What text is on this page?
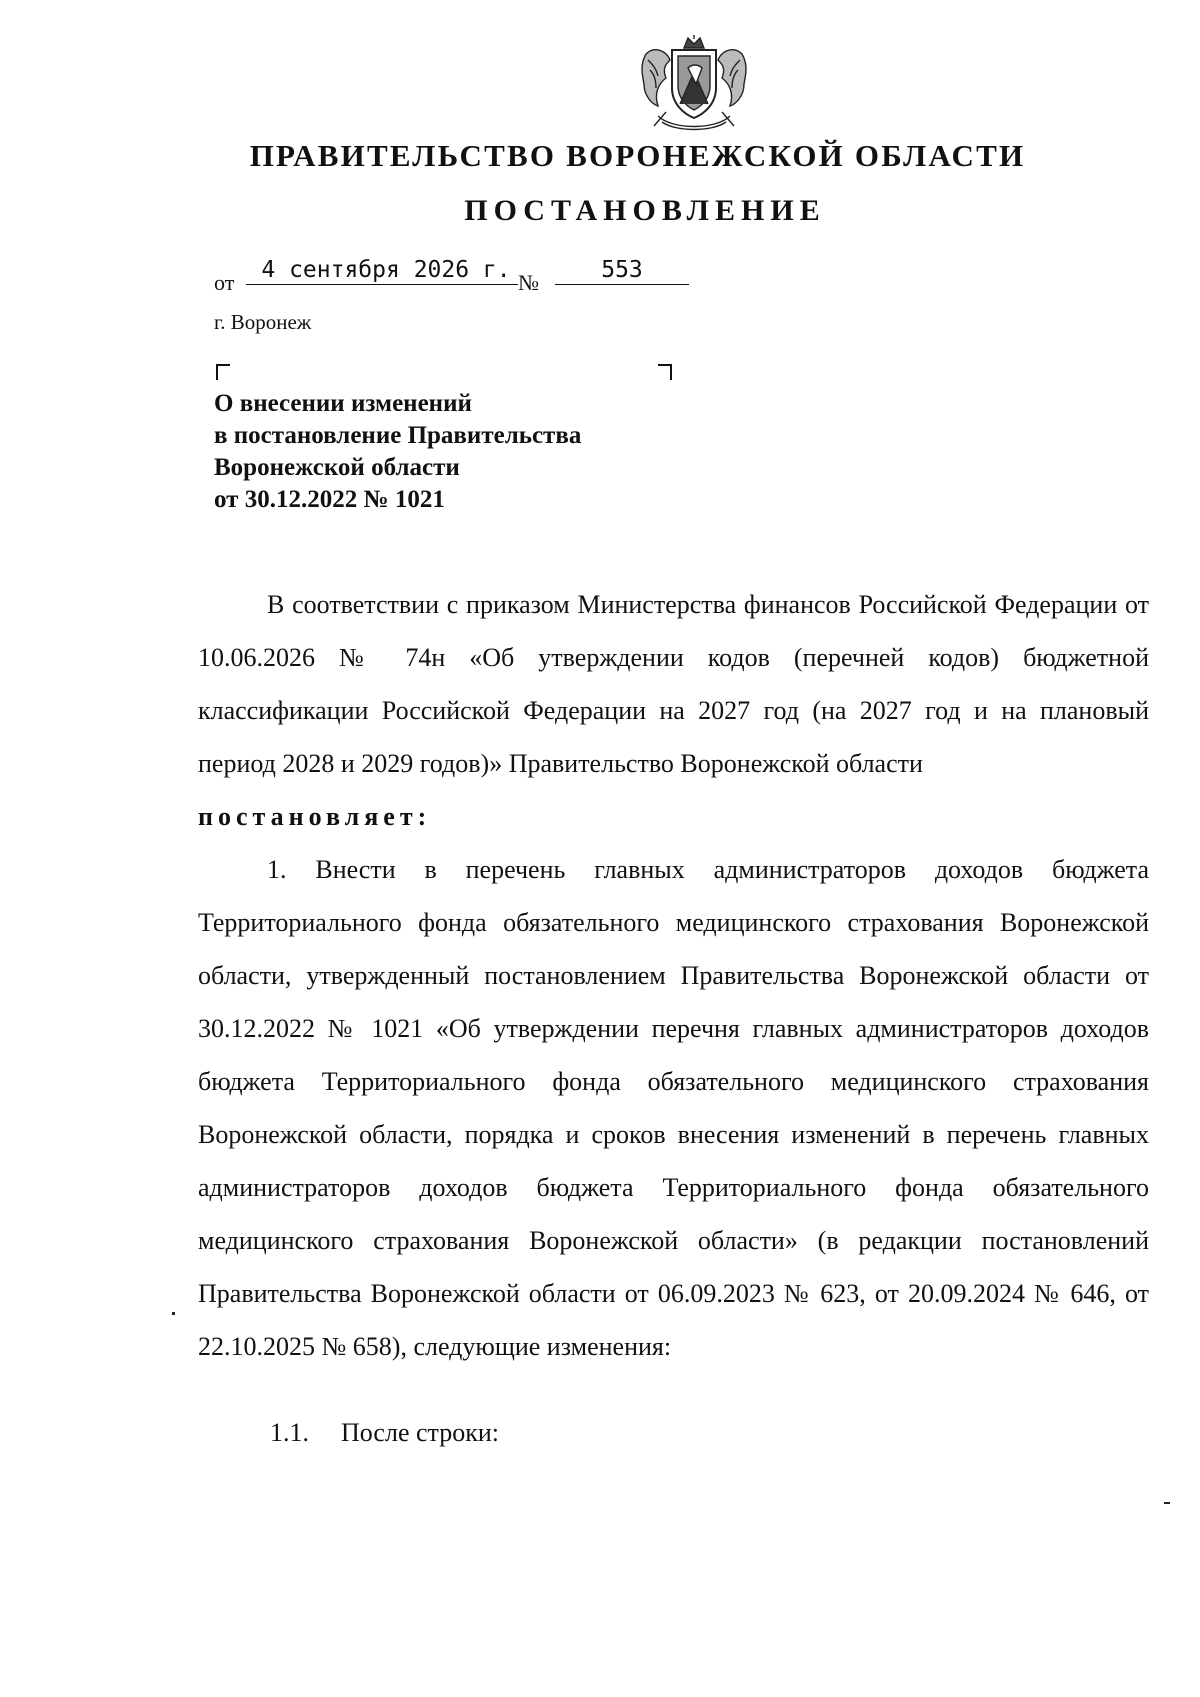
ПРАВИТЕЛЬСТВО ВОРОНЕЖСКОЙ ОБЛАСТИ
ПОСТАНОВЛЕНИЕ
от	4 сентября 2026 г. №	553
г. Воронеж
О внесении изменений
в постановление Правительства
Воронежской области
от 30.12.2022 № 1021

В соответствии с приказом Министерства финансов Российской Федерации от 10.06.2026 № 74н «Об утверждении кодов (перечней кодов) бюджетной классификации Российской Федерации на 2027 год (на 2027 год и на плановый период 2028 и 2029 годов)» Правительство Воронежской области

постановляет:

1. Внести в перечень главных администраторов доходов бюджета Территориального фонда обязательного медицинского страхования Воронежской области, утвержденный постановлением Правительства Воронежской области от 30.12.2022 № 1021 «Об утверждении перечня главных администраторов доходов бюджета Территориального фонда обязательного медицинского страхования Воронежской области, порядка и сроков внесения изменений в перечень главных администраторов доходов бюджета Территориального фонда обязательного медицинского страхования Воронежской области» (в редакции постановлений Правительства Воронежской области от 06.09.2023 № 623, от 20.09.2024 № 646, от 22.10.2025 № 658), следующие изменения:

1.1. После строки:
